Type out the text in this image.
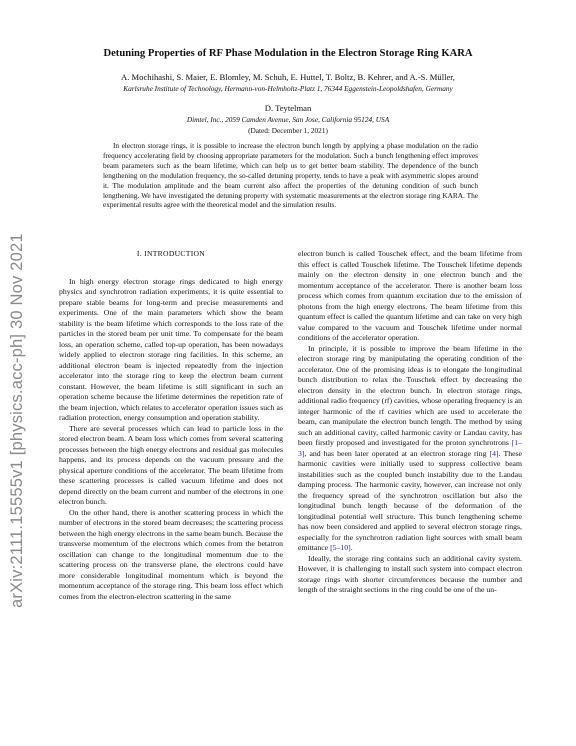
arXiv:2111.15555v1 [physics.acc-ph] 30 Nov 2021
Detuning Properties of RF Phase Modulation in the Electron Storage Ring KARA
A. Mochihashi, S. Maier, E. Blomley, M. Schuh, E. Huttel, T. Boltz, B. Kehrer, and A.-S. Müller,
Karlsruhe Institute of Technology, Hermann-von-Helmholtz-Platz 1, 76344 Eggenstein-Leopoldshafen, Germany
D. Teytelman
Dimtel, Inc., 2059 Camden Avenue, San Jose, California 95124, USA
(Dated: December 1, 2021)
In electron storage rings, it is possible to increase the electron bunch length by applying a phase modulation on the radio frequency accelerating field by choosing appropriate parameters for the modulation. Such a bunch lengthening effect improves beam parameters such as the beam lifetime, which can help us to get better beam stability. The dependence of the bunch lengthening on the modulation frequency, the so-called detuning property, tends to have a peak with asymmetric slopes around it. The modulation amplitude and the beam current also affect the properties of the detuning condition of such bunch lengthening. We have investigated the detuning property with systematic measurements at the electron storage ring KARA. The experimental results agree with the theoretical model and the simulation results.
I. INTRODUCTION

In high energy electron storage rings dedicated to high energy physics and synchrotron radiation experiments, it is quite essential to prepare stable beams for long-term and precise measurements and experiments. One of the main parameters which show the beam stability is the beam lifetime which corresponds to the loss rate of the particles in the stored beam per unit time. To compensate for the beam loss, an operation scheme, called top-up operation, has been nowadays widely applied to electron storage ring facilities. In this scheme, an additional electron beam is injected repeatedly from the injection accelerator into the storage ring to keep the electron beam current constant. However, the beam lifetime is still significant in such an operation scheme because the lifetime determines the repetition rate of the beam injection, which relates to accelerator operation issues such as radiation protection, energy consumption and operation stability.

There are several processes which can lead to particle loss in the stored electron beam. A beam loss which comes from several scattering processes between the high energy electrons and residual gas molecules happens, and its process depends on the vacuum pressure and the physical aperture conditions of the accelerator. The beam lifetime from these scattering processes is called vacuum lifetime and does not depend directly on the beam current and number of the electrons in one electron bunch.

On the other hand, there is another scattering process in which the number of electrons in the stored beam decreases; the scattering process between the high energy electrons in the same beam bunch. Because the transverse momentum of the electrons which comes from the betatron oscillation can change to the longitudinal momentum due to the scattering process on the transverse plane, the electrons could have more considerable longitudinal momentum which is beyond the momentum acceptance of the storage ring. This beam loss effect which comes from the electron-electron scattering in the same

electron bunch is called Touschek effect, and the beam lifetime from this effect is called Touschek lifetime. The Touschek lifetime depends mainly on the electron density in one electron bunch and the momentum acceptance of the accelerator. There is another beam loss process which comes from quantum excitation due to the emission of photons from the high energy electrons. The beam lifetime from this quantum effect is called the quantum lifetime and can take on very high value compared to the vacuum and Touschek lifetime under normal conditions of the accelerator operation.

In principle, it is possible to improve the beam lifetime in the electron storage ring by manipulating the operating condition of the accelerator. One of the promising ideas is to elongate the longitudinal bunch distribution to relax the Touschek effect by decreasing the electron density in the electron bunch. In electron storage rings, additional radio frequency (rf) cavities, whose operating frequency is an integer harmonic of the rf cavities which are used to accelerate the beam, can manipulate the electron bunch length. The method by using such an additional cavity, called harmonic cavity or Landau cavity, has been firstly proposed and investigated for the proton synchrotrons [1–3], and has been later operated at an electron storage ring [4]. These harmonic cavities were initially used to suppress collective beam instabilities such as the coupled bunch instability due to the Landau damping process. The harmonic cavity, however, can increase not only the frequency spread of the synchrotron oscillation but also the longitudinal bunch length because of the deformation of the longitudinal potential well structure. This bunch lengthening scheme has now been considered and applied to several electron storage rings, especially for the synchrotron radiation light sources with small beam emittance [5–10].

Ideally, the storage ring contains such an additional cavity system. However, it is challenging to install such system into compact electron storage rings with shorter circumferences because the number and length of the straight sections in the ring could be one of the un-
